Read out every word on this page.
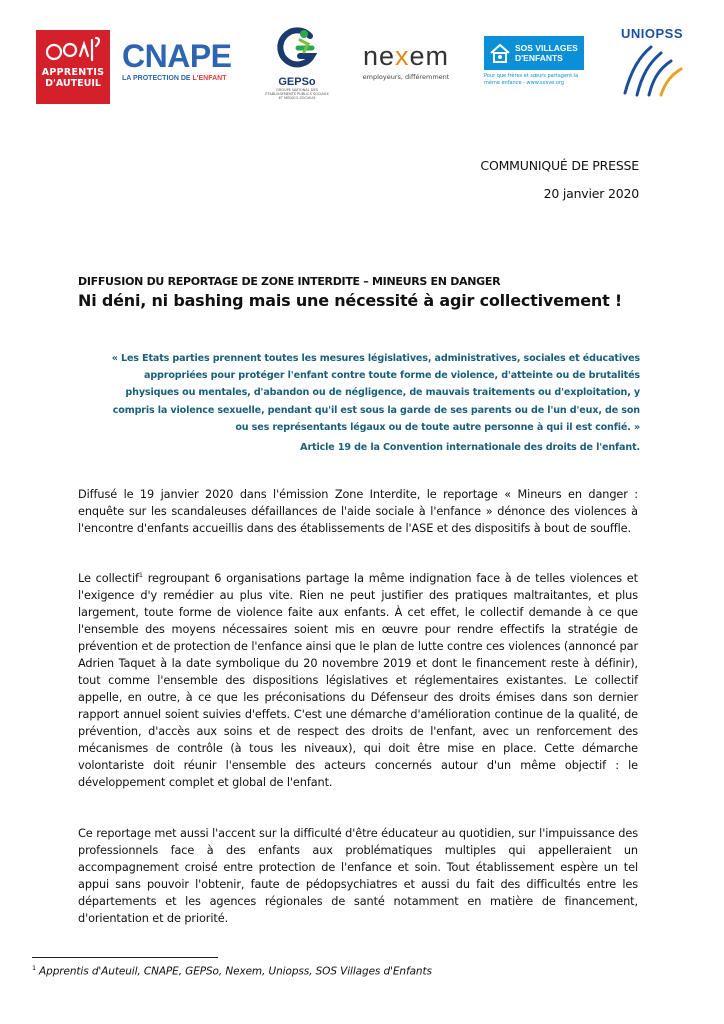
APPRENTIS
D'AUTEUIL
CNAPE
LA PROTECTION DE L'ENFANT	GEPSo
GROUPE NATIONAL DES ÉTABLISSEMENTS PUBLICS SOCIAUX ET MÉDICO-SOCIAUX
nexem
employeurs, différemment
SOS VILLAGES
D'ENFANTS
Pour que frères et sœurs partagent la même enfance - www.sosve.org
UNIOPSS
COMMUNIQUÉ DE PRESSE
20 janvier 2020
DIFFUSION DU REPORTAGE DE ZONE INTERDITE – MINEURS EN DANGER
Ni déni, ni bashing mais une nécessité à agir collectivement !
« Les Etats parties prennent toutes les mesures législatives, administratives, sociales et éducatives appropriées pour protéger l'enfant contre toute forme de violence, d'atteinte ou de brutalités physiques ou mentales, d'abandon ou de négligence, de mauvais traitements ou d'exploitation, y compris la violence sexuelle, pendant qu'il est sous la garde de ses parents ou de l'un d'eux, de son ou ses représentants légaux ou de toute autre personne à qui il est confié. »
Article 19 de la Convention internationale des droits de l'enfant.

Diffusé le 19 janvier 2020 dans l'émission Zone Interdite, le reportage « Mineurs en danger : enquête sur les scandaleuses défaillances de l'aide sociale à l'enfance » dénonce des violences à l'encontre d'enfants accueillis dans des établissements de l'ASE et des dispositifs à bout de souffle.

Le collectif$^1$ regroupant 6 organisations partage la même indignation face à de telles violences et l'exigence d'y remédier au plus vite. Rien ne peut justifier des pratiques maltraitantes, et plus largement, toute forme de violence faite aux enfants. À cet effet, le collectif demande à ce que l'ensemble des moyens nécessaires soient mis en œuvre pour rendre effectifs la stratégie de prévention et de protection de l'enfance ainsi que le plan de lutte contre ces violences (annoncé par Adrien Taquet à la date symbolique du 20 novembre 2019 et dont le financement reste à définir), tout comme l'ensemble des dispositions législatives et réglementaires existantes. Le collectif appelle, en outre, à ce que les préconisations du Défenseur des droits émises dans son dernier rapport annuel soient suivies d'effets. C'est une démarche d'amélioration continue de la qualité, de prévention, d'accès aux soins et de respect des droits de l'enfant, avec un renforcement des mécanismes de contrôle (à tous les niveaux), qui doit être mise en place. Cette démarche volontariste doit réunir l'ensemble des acteurs concernés autour d'un même objectif : le développement complet et global de l'enfant.

Ce reportage met aussi l'accent sur la difficulté d'être éducateur au quotidien, sur l'impuissance des professionnels face à des enfants aux problématiques multiples qui appelleraient un accompagnement croisé entre protection de l'enfance et soin. Tout établissement espère un tel appui sans pouvoir l'obtenir, faute de pédopsychiatres et aussi du fait des difficultés entre les départements et les agences régionales de santé notamment en matière de financement, d'orientation et de priorité.

$^1$ Apprentis d'Auteuil, CNAPE, GEPSo, Nexem, Uniopss, SOS Villages d'Enfants
